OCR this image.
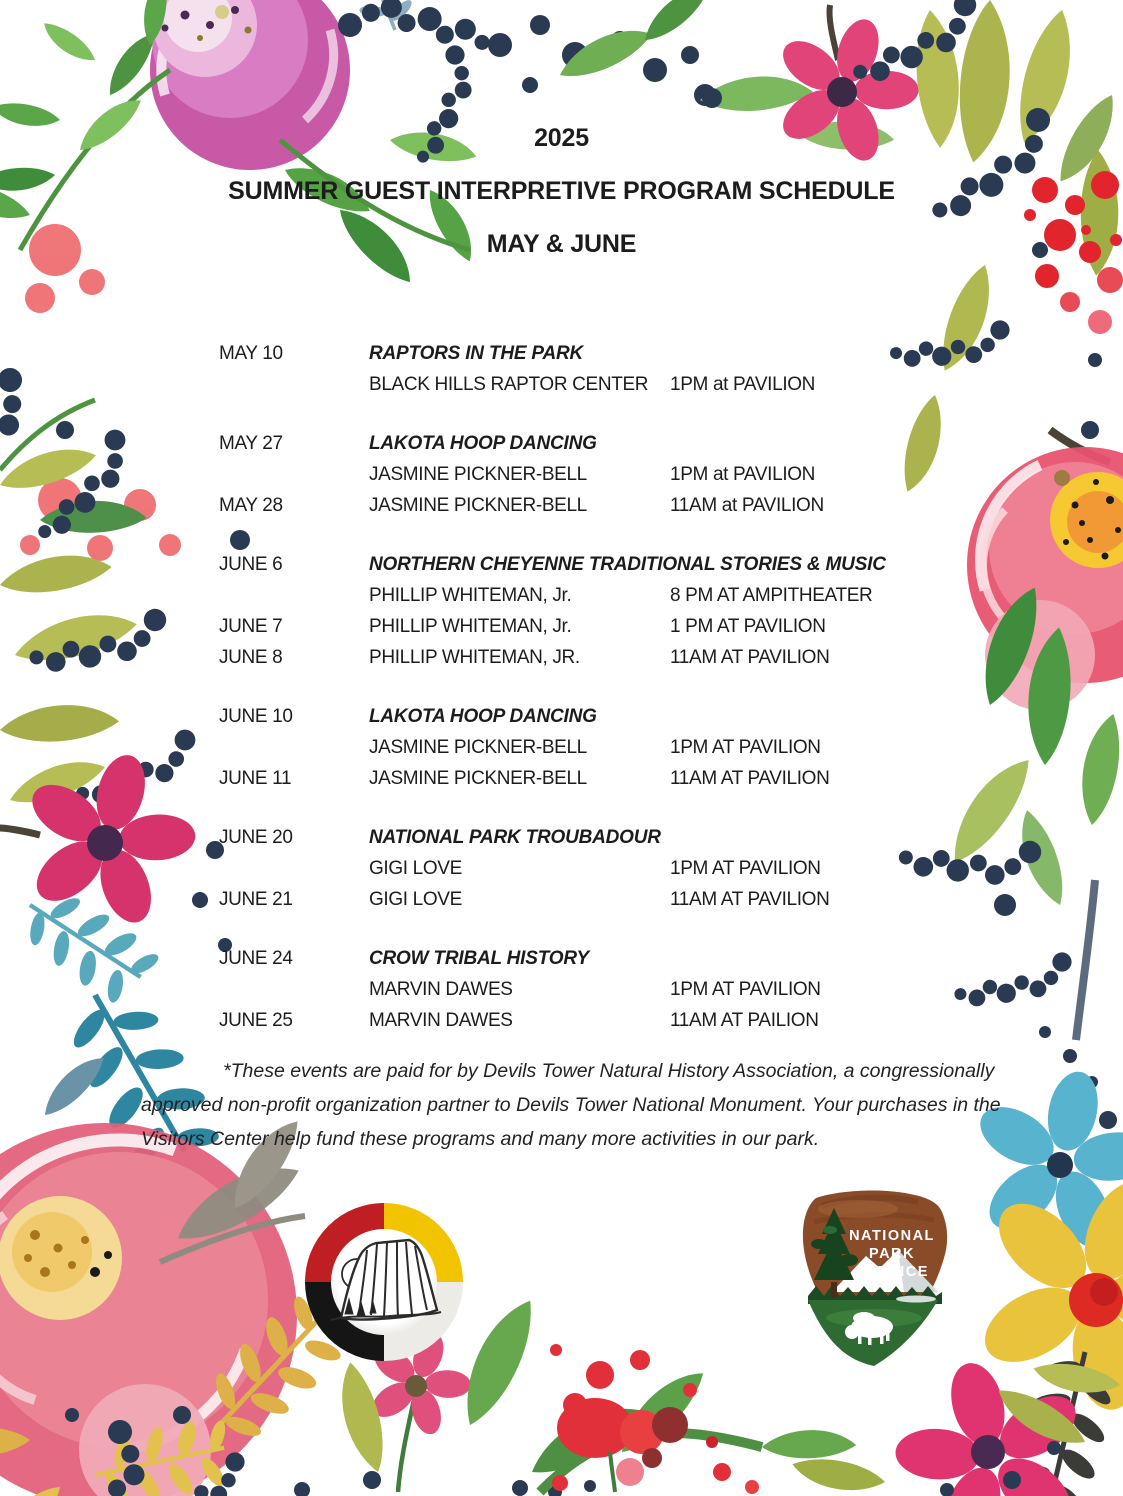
2025
SUMMER GUEST INTERPRETIVE PROGRAM SCHEDULE
MAY & JUNE
MAY 10	RAPTORS IN THE PARK
BLACK HILLS RAPTOR CENTER 1PM at PAVILION
MAY 27	LAKOTA HOOP DANCING
JASMINE PICKNER-BELL	1PM at PAVILION
MAY 28	JASMINE PICKNER-BELL	11AM at PAVILION
JUNE 6	NORTHERN CHEYENNE TRADITIONAL STORIES & MUSIC
PHILLIP WHITEMAN, Jr.	8 PM AT AMPITHEATER
JUNE 7	PHILLIP WHITEMAN, Jr.	1 PM AT PAVILION
JUNE 8	PHILLIP WHITEMAN, JR.	11AM AT PAVILION
JUNE 10	LAKOTA HOOP DANCING
JASMINE PICKNER-BELL	1PM AT PAVILION
JUNE 11	JASMINE PICKNER-BELL	11AM AT PAVILION
JUNE 20	NATIONAL PARK TROUBADOUR
GIGI LOVE	1PM AT PAVILION
JUNE 21	GIGI LOVE	11AM AT PAVILION
JUNE 24	CROW TRIBAL HISTORY
MARVIN DAWES	1PM AT PAVILION
JUNE 25	MARVIN DAWES	11AM AT PAILION
*These events are paid for by Devils Tower Natural History Association, a congressionally approved non-profit organization partner to Devils Tower National Monument. Your purchases in the Visitors Center help fund these programs and many more activities in our park.
NATIONAL
PARK
SERVICE
